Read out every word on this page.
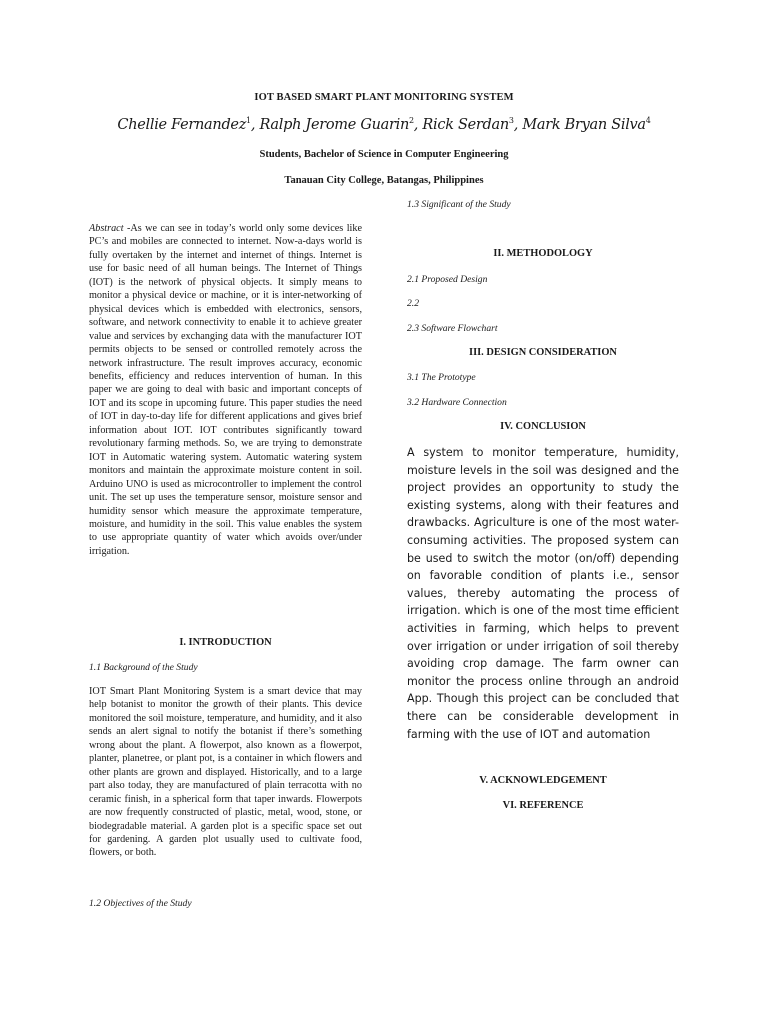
IOT BASED SMART PLANT MONITORING SYSTEM
Chellie Fernandez$^1$, Ralph Jerome Guarin$^2$, Rick Serdan$^3$, Mark Bryan Silva$^4$
Students, Bachelor of Science in Computer Engineering
Tanauan City College, Batangas, Philippines
Abstract -As we can see in today’s world only some devices like PC’s and mobiles are connected to internet. Now-a-days world is fully overtaken by the internet and internet of things. Internet is use for basic need of all human beings. The Internet of Things (IOT) is the network of physical objects. It simply means to monitor a physical device or machine, or it is inter-networking of physical devices which is embedded with electronics, sensors, software, and network connectivity to enable it to achieve greater value and services by exchanging data with the manufacturer IOT permits objects to be sensed or controlled remotely across the network infrastructure. The result improves accuracy, economic benefits, efficiency and reduces intervention of human. In this paper we are going to deal with basic and important concepts of IOT and its scope in upcoming future. This paper studies the need of IOT in day-to-day life for different applications and gives brief information about IOT. IOT contributes significantly toward revolutionary farming methods. So, we are trying to demonstrate IOT in Automatic watering system. Automatic watering system monitors and maintain the approximate moisture content in soil. Arduino UNO is used as microcontroller to implement the control unit. The set up uses the temperature sensor, moisture sensor and humidity sensor which measure the approximate temperature, moisture, and humidity in the soil. This value enables the system to use appropriate quantity of water which avoids over/under irrigation.
I. INTRODUCTION
1.1 Background of the Study
IOT Smart Plant Monitoring System is a smart device that may help botanist to monitor the growth of their plants. This device monitored the soil moisture, temperature, and humidity, and it also sends an alert signal to notify the botanist if there’s something wrong about the plant. A flowerpot, also known as a flowerpot, planter, planetree, or plant pot, is a container in which flowers and other plants are grown and displayed. Historically, and to a large part also today, they are manufactured of plain terracotta with no ceramic finish, in a spherical form that taper inwards. Flowerpots are now frequently constructed of plastic, metal, wood, stone, or biodegradable material. A garden plot is a specific space set out for gardening. A garden plot usually used to cultivate food, flowers, or both.
1.2 Objectives of the Study
1.3 Significant of the Study
II. METHODOLOGY
2.1 Proposed Design
2.2
2.3 Software Flowchart
III. DESIGN CONSIDERATION
3.1 The Prototype
3.2 Hardware Connection
IV. CONCLUSION
A system to monitor temperature, humidity, moisture levels in the soil was designed and the project provides an opportunity to study the existing systems, along with their features and drawbacks. Agriculture is one of the most water-consuming activities. The proposed system can be used to switch the motor (on/off) depending on favorable condition of plants i.e., sensor values, thereby automating the process of irrigation. which is one of the most time efficient activities in farming, which helps to prevent over irrigation or under irrigation of soil thereby avoiding crop damage. The farm owner can monitor the process online through an android App. Though this project can be concluded that there can be considerable development in farming with the use of IOT and automation
V. ACKNOWLEDGEMENT
VI. REFERENCE
